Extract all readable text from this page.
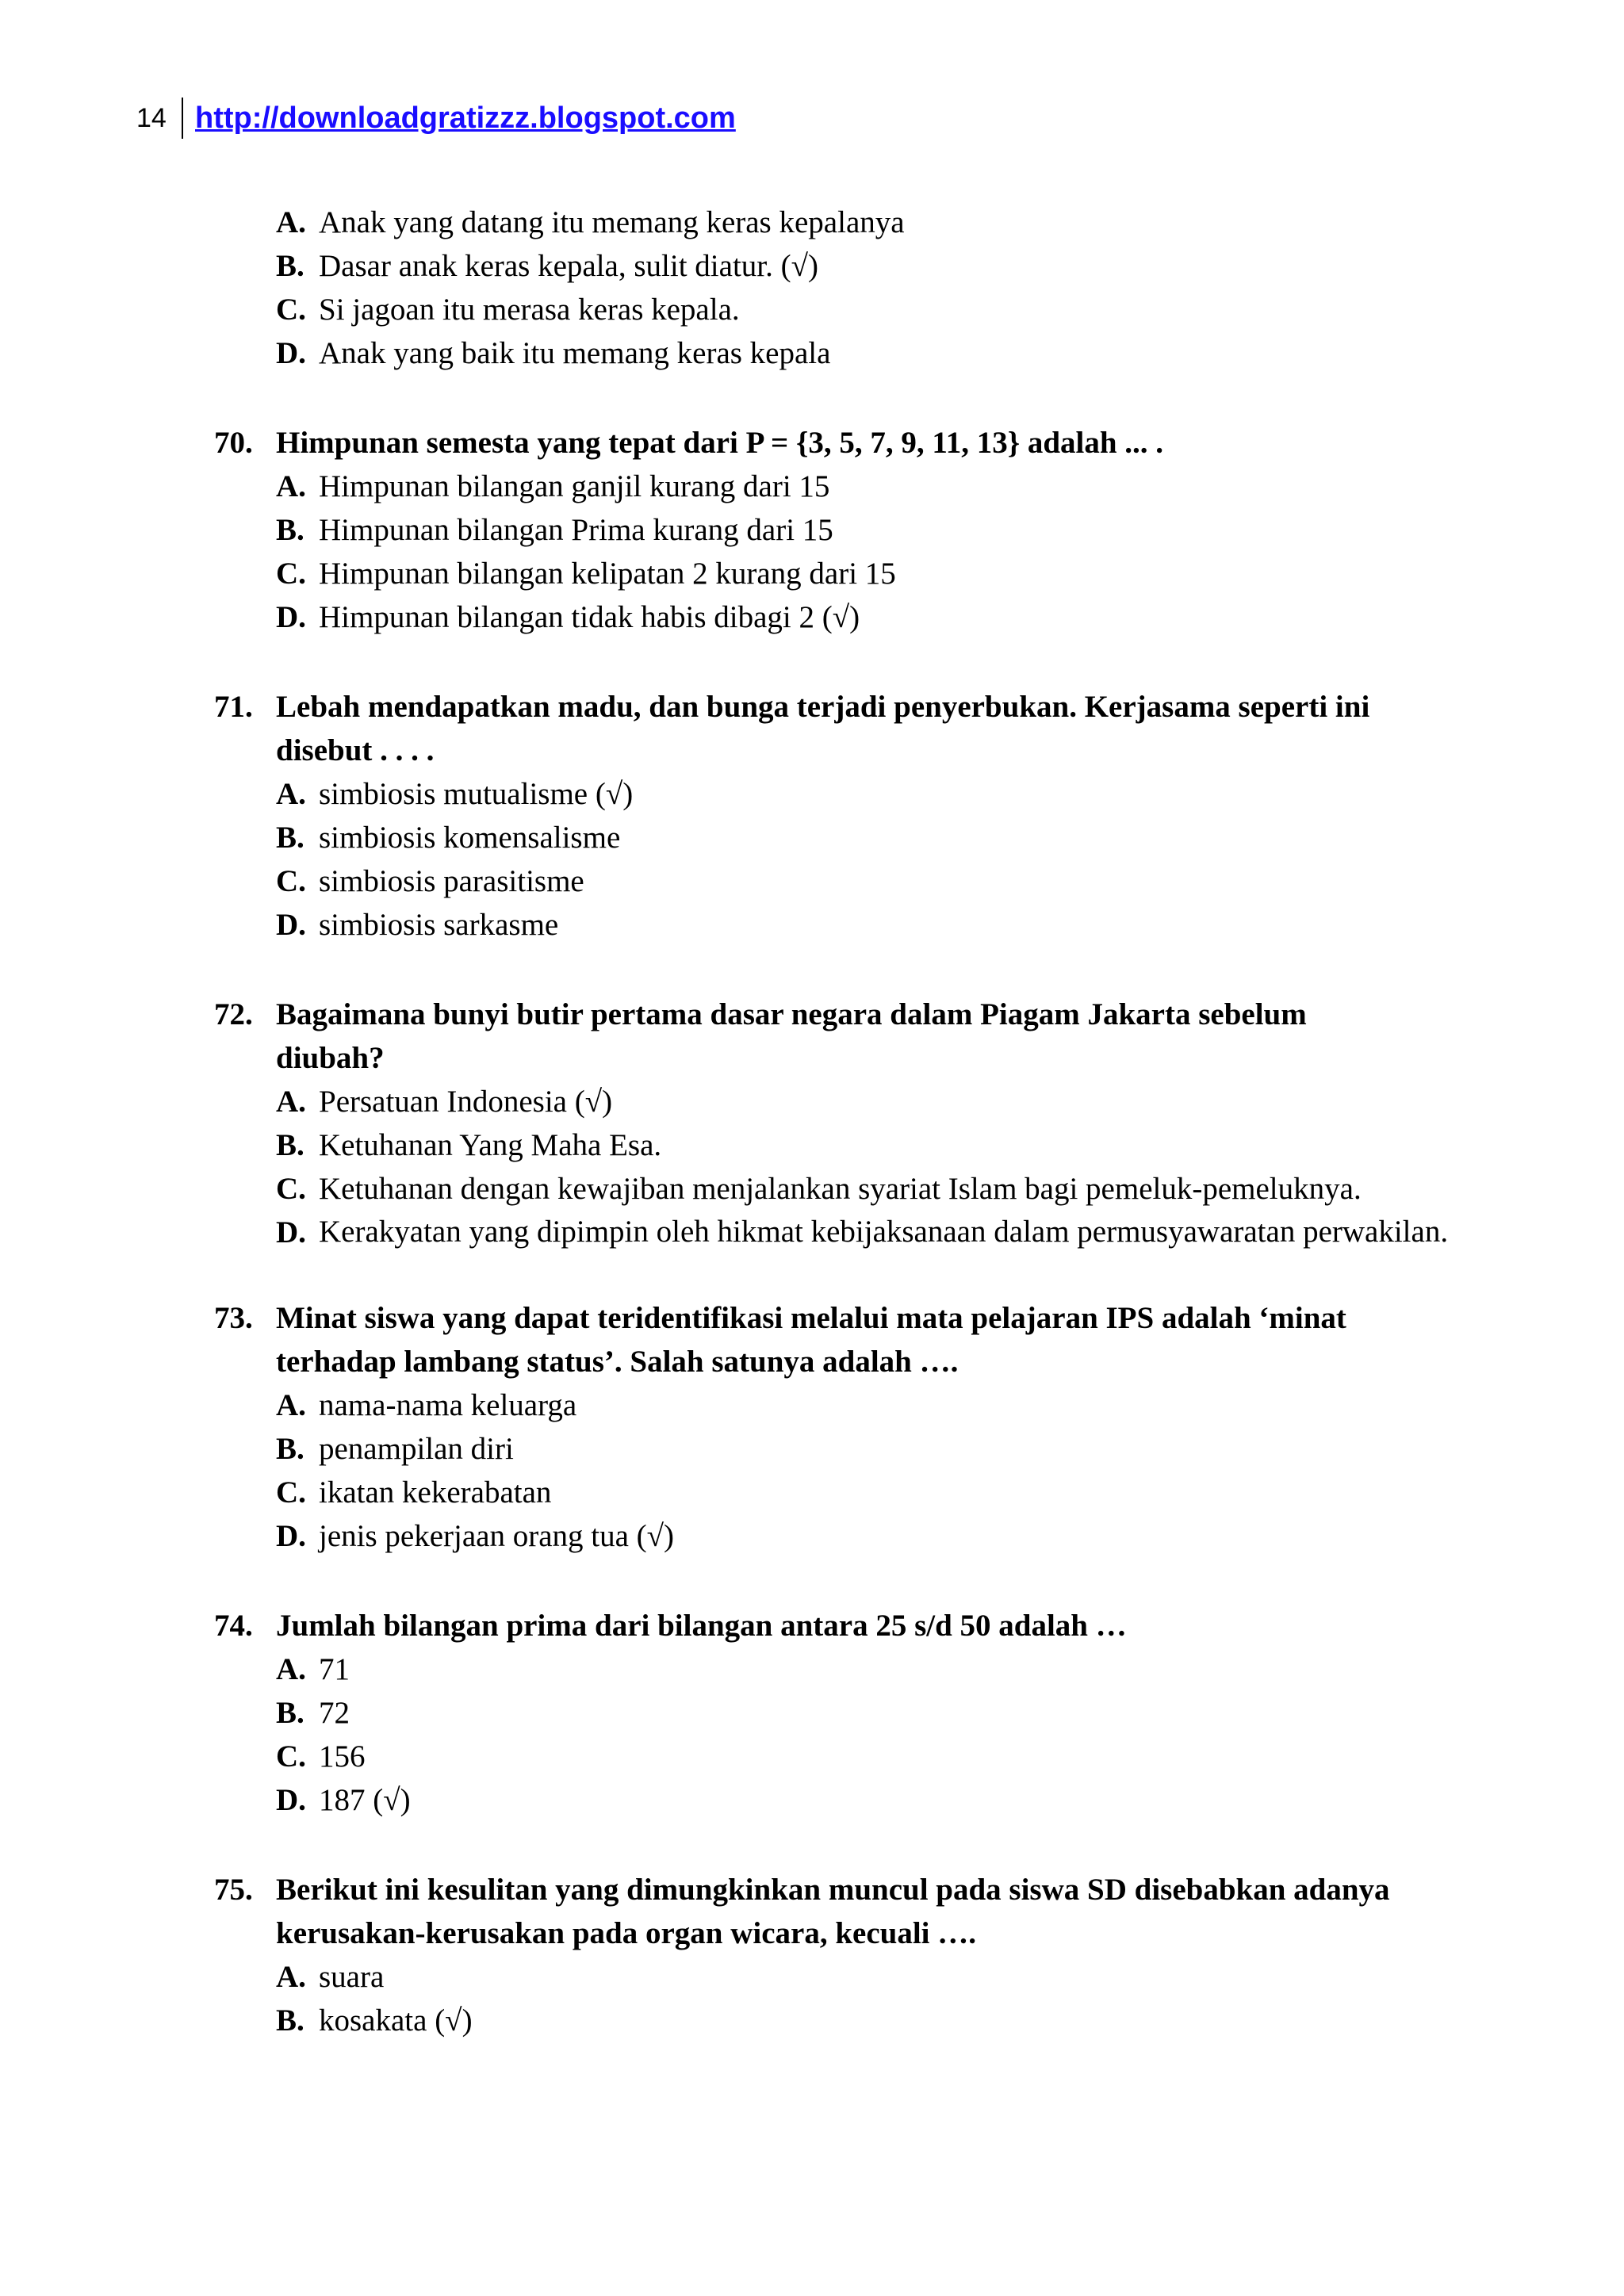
14 http://downloadgratizzz.blogspot.com
A. Anak yang datang itu memang keras kepalanya
B. Dasar anak keras kepala, sulit diatur. (√)
C. Si jagoan itu merasa keras kepala.
D. Anak yang baik itu memang keras kepala
70. Himpunan semesta yang tepat dari P = {3, 5, 7, 9, 11, 13} adalah ... .
A. Himpunan bilangan ganjil kurang dari 15
B. Himpunan bilangan Prima kurang dari 15
C. Himpunan bilangan kelipatan 2 kurang dari 15
D. Himpunan bilangan tidak habis dibagi 2 (√)
71. Lebah mendapatkan madu, dan bunga terjadi penyerbukan. Kerjasama seperti ini disebut . . . .
A. simbiosis mutualisme (√)
B. simbiosis komensalisme
C. simbiosis parasitisme
D. simbiosis sarkasme
72. Bagaimana bunyi butir pertama dasar negara dalam Piagam Jakarta sebelum diubah?
A. Persatuan Indonesia (√)
B. Ketuhanan Yang Maha Esa.
C. Ketuhanan dengan kewajiban menjalankan syariat Islam bagi pemeluk-pemeluknya.
D. Kerakyatan yang dipimpin oleh hikmat kebijaksanaan dalam permusyawaratan perwakilan.
73. Minat siswa yang dapat teridentifikasi melalui mata pelajaran IPS adalah ‘minat terhadap lambang status’. Salah satunya adalah ….
A. nama-nama keluarga
B. penampilan diri
C. ikatan kekerabatan
D. jenis pekerjaan orang tua (√)
74. Jumlah bilangan prima dari bilangan antara 25 s/d 50 adalah …
A. 71
B. 72
C. 156
D. 187 (√)
75. Berikut ini kesulitan yang dimungkinkan muncul pada siswa SD disebabkan adanya kerusakan-kerusakan pada organ wicara, kecuali ….
A. suara
B. kosakata (√)
